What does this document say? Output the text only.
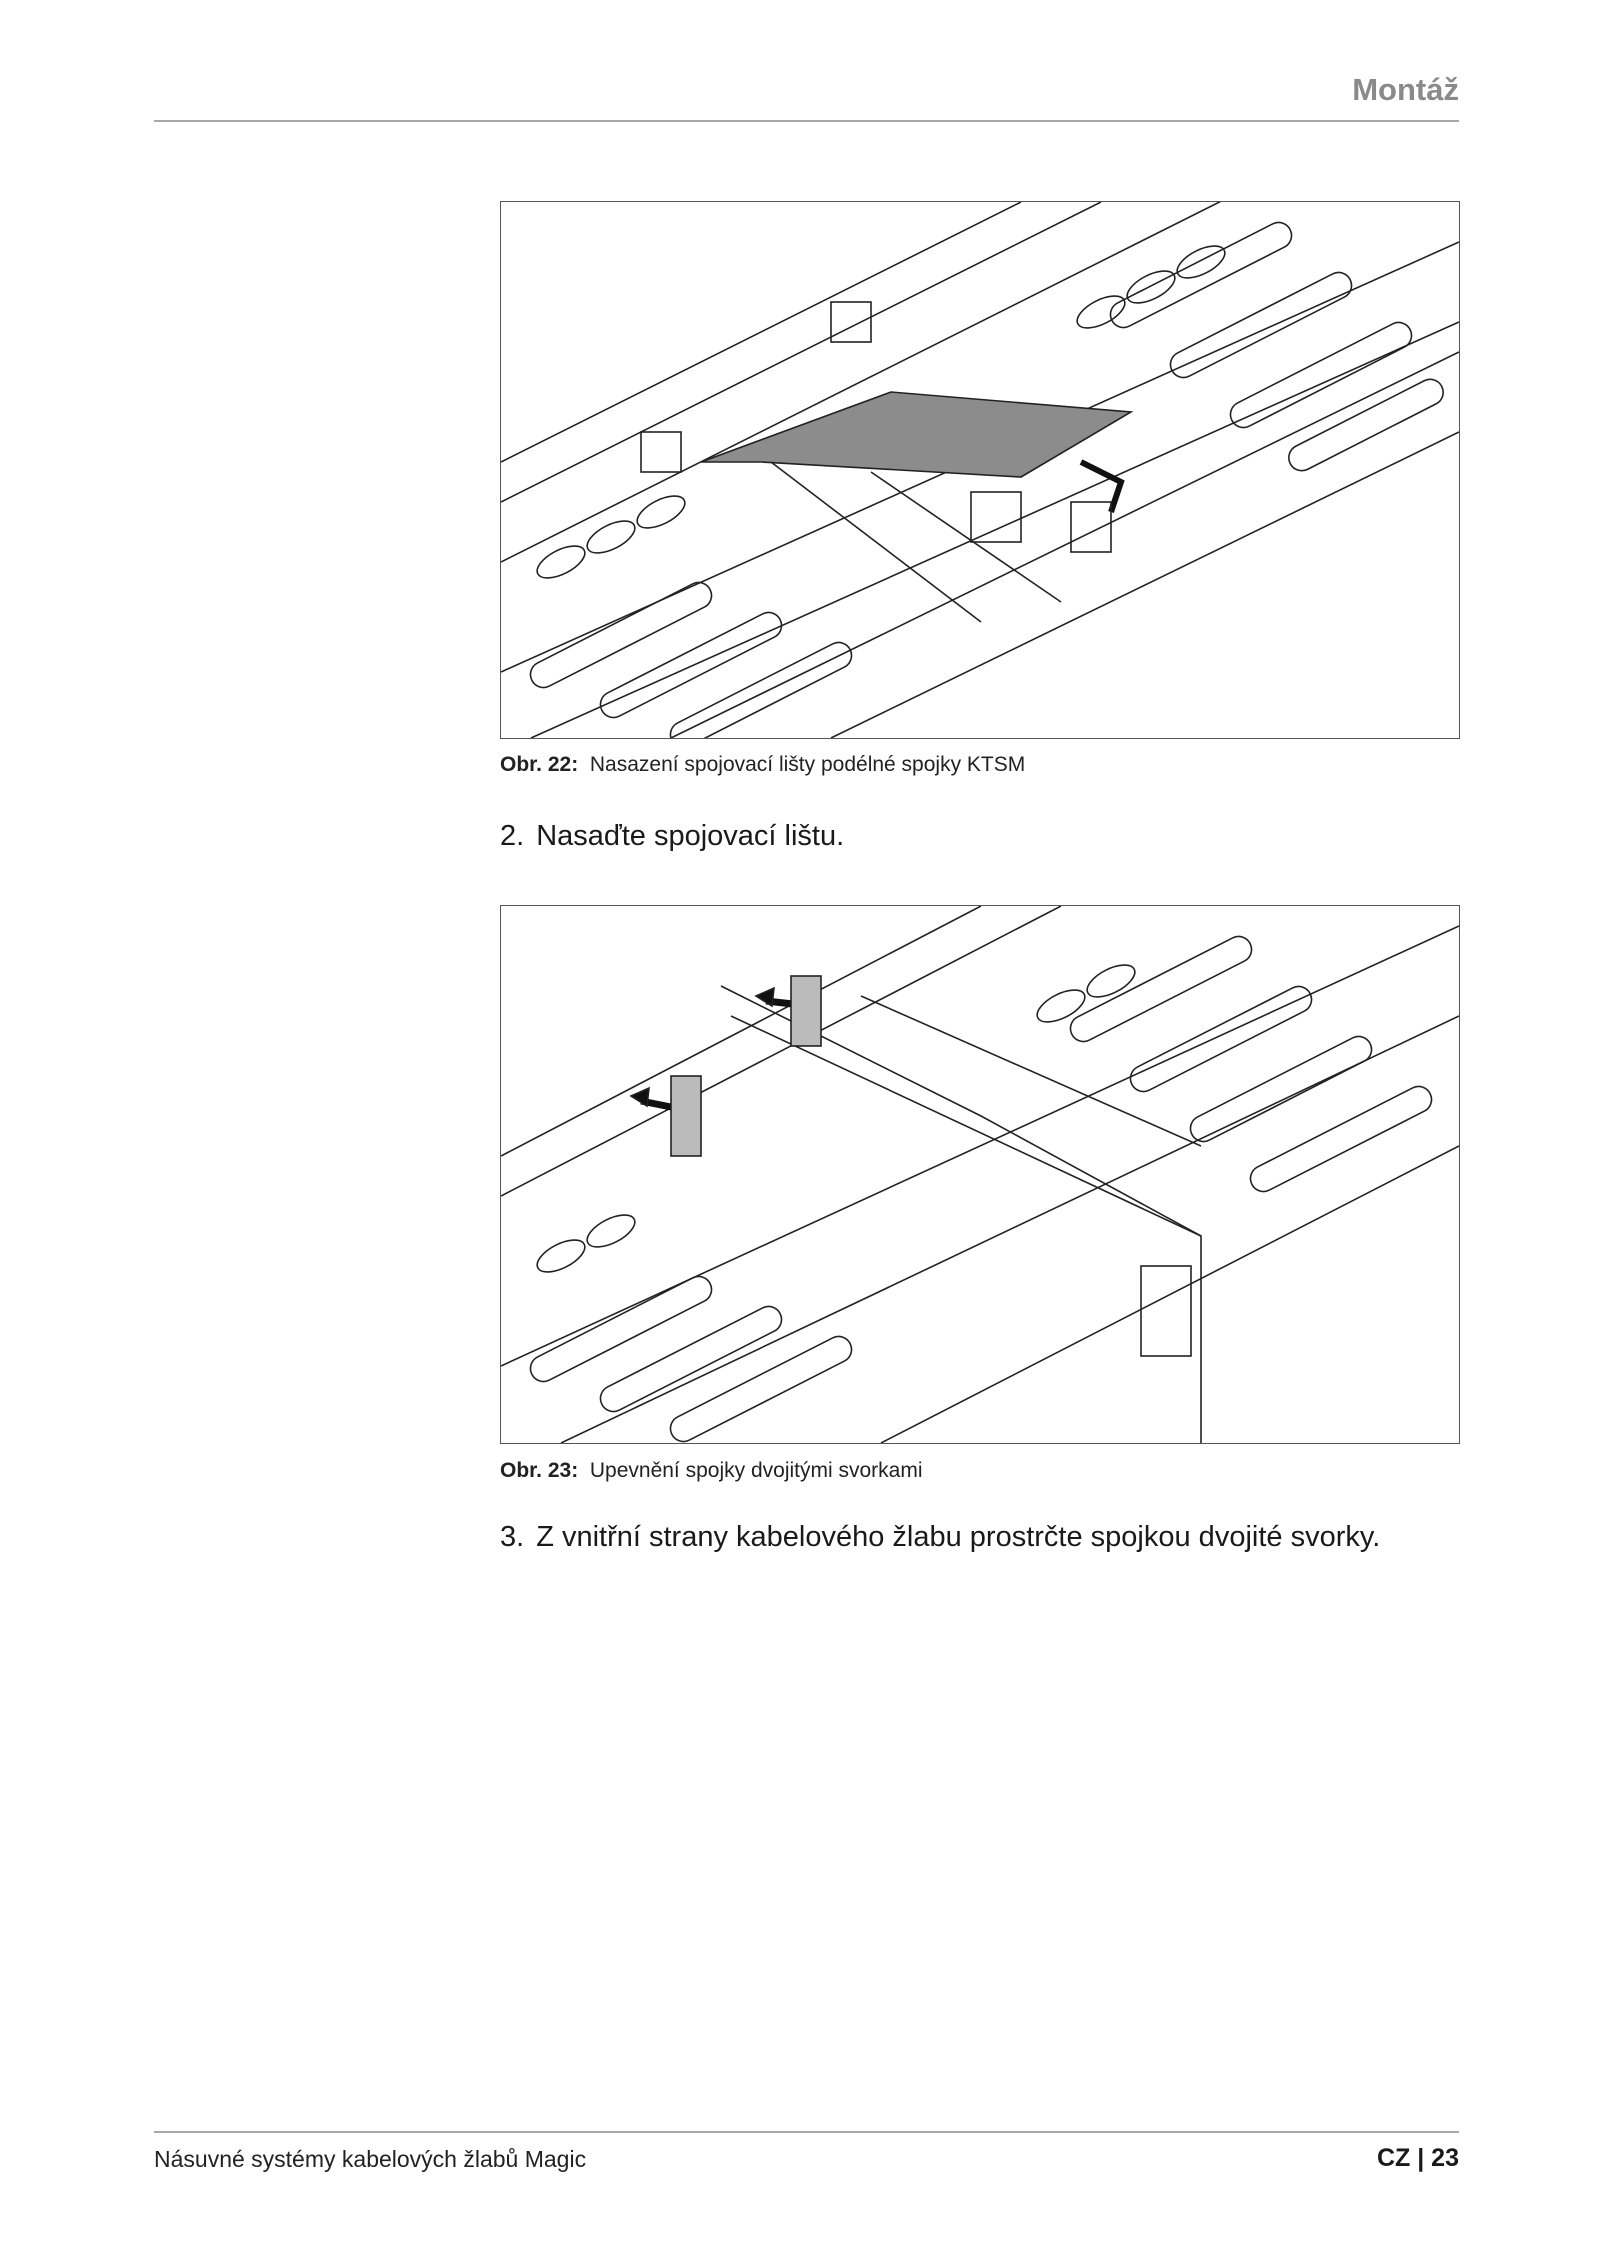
Montáž
Obr. 22: Nasazení spojovací lišty podélné spojky KTSM
2. Nasaďte spojovací lištu.
Obr. 23: Upevnění spojky dvojitými svorkami
3. Z vnitřní strany kabelového žlabu prostrčte spojkou dvojité svorky.
Násuvné systémy kabelových žlabů Magic	CZ | 23
